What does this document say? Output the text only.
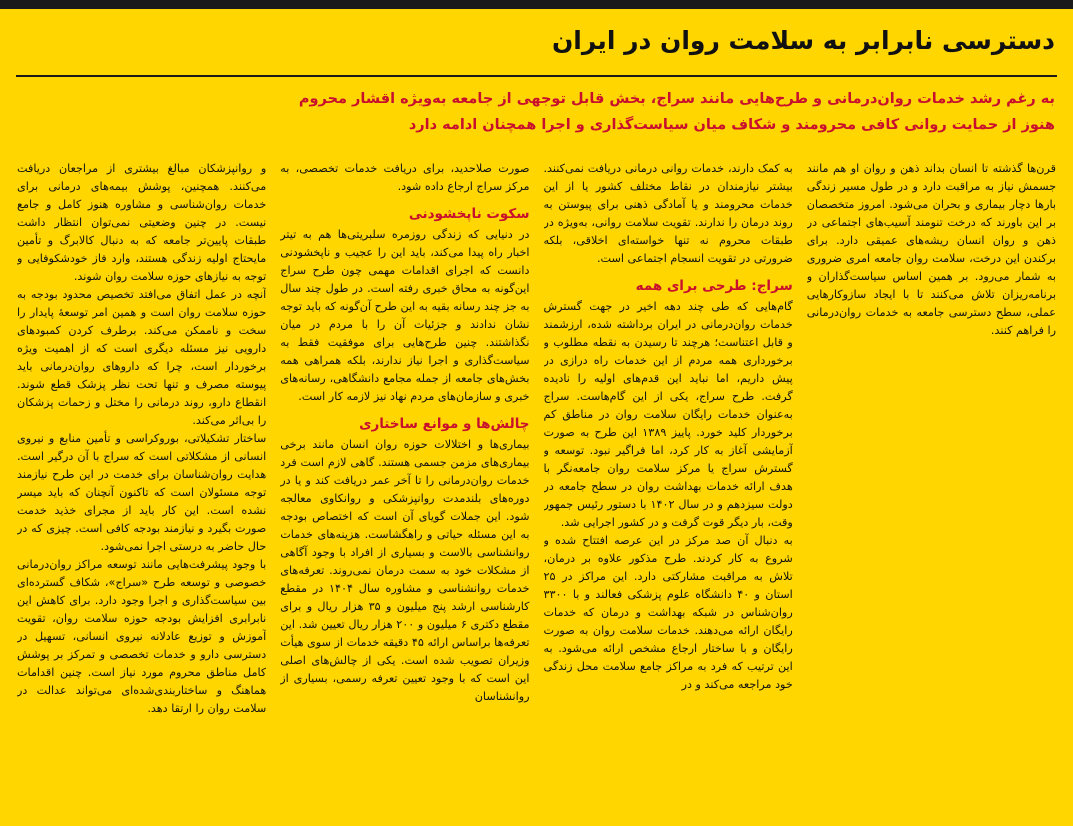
دسترسی نابرابر به سلامت روان در ایران

به رغم رشد خدمات روان‌درمانی و طرح‌هایی مانند سراج، بخش قابل توجهی از جامعه به‌ویژه اقشار محروم

هنوز از حمایت روانی کافی محرومند و شکاف میان سیاست‌گذاری و اجرا همچنان ادامه دارد

قرن‌ها گذشته تا انسان بداند ذهن و روان او هم مانند جسمش نیاز به مراقبت دارد و در طول مسیر زندگی بارها دچار بیماری و بحران می‌شود. امروز متخصصان بر این باورند که درخت تنومند آسیب‌های اجتماعی در ذهن و روان انسان ریشه‌های عمیقی دارد. برای برکندن این درخت، سلامت روان جامعه امری ضروری به شمار می‌رود. بر همین اساس سیاست‌گذاران و برنامه‌ریزان تلاش می‌کنند تا با ایجاد سازوکارهایی عملی، سطح دسترسی جامعه به خدمات روان‌درمانی را فراهم کنند.

به کمک دارند، خدمات روانی درمانی دریافت نمی‌کنند. بیشتر نیازمندان در نقاط مختلف کشور یا از این خدمات محرومند و یا آمادگی ذهنی برای پیوستن به روند درمان را ندارند. تقویت سلامت روانی، به‌ویژه در طبقات محروم نه تنها خواسته‌ای اخلاقی، بلکه ضرورتی در تقویت انسجام اجتماعی است.

سراج: طرحی برای همه

گام‌هایی که طی چند دهه اخیر در جهت گسترش خدمات روان‌درمانی در ایران برداشته شده، ارزشمند و قابل اعتناست؛ هرچند تا رسیدن به نقطه مطلوب و برخورداری همه مردم از این خدمات راه درازی در پیش داریم، اما نباید این قدم‌های اولیه را نادیده گرفت. طرح سراج، یکی از این گام‌هاست. سراج به‌عنوان خدمات رایگان سلامت روان در مناطق کم برخوردار کلید خورد. پاییز ۱۳۸۹ این طرح به صورت آزمایشی آغاز به کار کرد، اما فراگیر نبود. توسعه و گسترش سراج یا مرکز سلامت روان جامعه‌نگر با هدف ارائه خدمات بهداشت روان در سطح جامعه در دولت سیزدهم و در سال ۱۴۰۲ با دستور رئیس جمهور وقت، بار دیگر قوت گرفت و در کشور اجرایی شد.

به دنبال آن صد مرکز در این عرصه افتتاح شده و شروع به کار کردند. طرح مذکور علاوه بر درمان، تلاش به مراقبت مشارکتی دارد. این مراکز در ۲۵ استان و ۴۰ دانشگاه علوم پزشکی فعالند و با ۳۳۰۰ روان‌شناس در شبکه بهداشت و درمان که خدمات رایگان ارائه می‌دهند. خدمات سلامت روان به صورت رایگان و با ساختار ارجاع مشخص ارائه می‌شود. به این ترتیب که فرد به مراکز جامع سلامت محل زندگی خود مراجعه می‌کند و در

صورت صلاحدید، برای دریافت خدمات تخصصی، به مرکز سراج ارجاع داده شود.

سکوت ناپخشودنی

در دنیایی که زندگی روزمره سلبریتی‌ها هم به تیتر اخبار راه پیدا می‌کند، باید این را عجیب و ناپخشودنی دانست که اجرای اقدامات مهمی چون طرح سراج این‌گونه به محاق خبری رفته است. در طول چند سال به جز چند رسانه بقیه به این طرح آن‌گونه که باید توجه نشان ندادند و جزئیات آن را با مردم در میان نگذاشتند. چنین طرح‌هایی برای موفقیت فقط به سیاست‌گذاری و اجرا نیاز ندارند، بلکه همراهی همه بخش‌های جامعه از جمله مجامع دانشگاهی، رسانه‌های خبری و سازمان‌های مردم نهاد نیز لازمه کار است.

چالش‌ها و موانع ساختاری

بیماری‌ها و اختلالات حوزه روان انسان مانند برخی بیماری‌های مزمن جسمی هستند. گاهی لازم است فرد خدمات روان‌درمانی را تا آخر عمر دریافت کند و یا در دوره‌های بلندمدت روانپزشکی و روانکاوی معالجه شود. این جملات گویای آن است که اختصاص بودجه به این مسئله حیاتی و راهگشاست. هزینه‌های خدمات روانشناسی بالاست و بسیاری از افراد با وجود آگاهی از مشکلات خود به سمت درمان نمی‌روند. تعرفه‌های خدمات روانشناسی و مشاوره سال ۱۴۰۴ در مقطع کارشناسی ارشد پنج میلیون و ۳۵ هزار ریال و برای مقطع دکتری ۶ میلیون و ۲۰۰ هزار ریال تعیین شد. این تعرفه‌ها براساس ارائه ۴۵ دقیقه خدمات از سوی هیأت وزیران تصویب شده است. یکی از چالش‌های اصلی این است که با وجود تعیین تعرفه رسمی، بسیاری از روانشناسان

و روانپزشکان مبالغ بیشتری از مراجعان دریافت می‌کنند. همچنین، پوشش بیمه‌های درمانی برای خدمات روان‌شناسی و مشاوره هنوز کامل و جامع نیست. در چنین وضعیتی نمی‌توان انتظار داشت طبقات پایین‌تر جامعه که به دنبال کالابرگ و تأمین مایحتاج اولیه زندگی هستند، وارد فاز خودشکوفایی و توجه به نیازهای حوزه سلامت روان شوند.

آنچه در عمل اتفاق می‌افتد تخصیص محدود بودجه به حوزه سلامت روان است و همین امر توسعهٔ پایدار را سخت و ناممکن می‌کند. برطرف کردن کمبودهای دارویی نیز مسئله دیگری است که از اهمیت ویژه برخوردار است، چرا که داروهای روان‌درمانی باید پیوسته مصرف و تنها تحت نظر پزشک قطع شوند. انقطاع دارو، روند درمانی را مختل و زحمات پزشکان را بی‌اثر می‌کند.

ساختار تشکیلاتی، بوروکراسی و تأمین منابع و نیروی انسانی از مشکلاتی است که سراج با آن درگیر است. هدایت روان‌شناسان برای خدمت در این طرح نیازمند توجه مسئولان است که تاکنون آنچنان که باید میسر نشده است. این کار باید از مجرای خذید خدمت صورت بگیرد و نیازمند بودجه کافی است. چیزی که در حال حاضر به درستی اجرا نمی‌شود.

با وجود پیشرفت‌هایی مانند توسعه مراکز روان‌درمانی خصوصی و توسعه طرح «سراج»، شکاف گسترده‌ای بین سیاست‌گذاری و اجرا وجود دارد. برای کاهش این نابرابری افزایش بودجه حوزه سلامت روان، تقویت آموزش و توزیع عادلانه نیروی انسانی، تسهیل در دسترسی دارو و خدمات تخصصی و تمرکز بر پوشش کامل مناطق محروم مورد نیاز است. چنین اقدامات هماهنگ و ساختاربندی‌شده‌ای می‌تواند عدالت در سلامت روان را ارتقا دهد.
